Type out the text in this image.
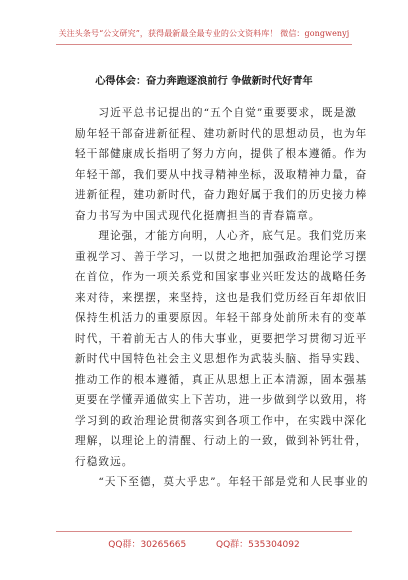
关注头条号“公文研究”，获得最新最全最专业的公文资料库！ 微信：gongwenyj
心得体会：奋力奔跑逐浪前行 争做新时代好青年

　　习近平总书记提出的“五个自觉”重要要求，既是激
励年轻干部奋进新征程、建功新时代的思想动员，也为年
轻干部健康成长指明了努力方向，提供了根本遵循。作为
年轻干部，我们要从中找寻精神坐标，汲取精神力量，奋
进新征程，建功新时代，奋力跑好属于我们的历史接力棒
奋力书写为中国式现代化挺膺担当的青春篇章。

　　理论强，才能方向明，人心齐，底气足。我们党历来
重视学习、善于学习，一以贯之地把加强政治理论学习摆
在首位，作为一项关系党和国家事业兴旺发达的战略任务
来对待，来摆摆，来坚持，这也是我们党历经百年却依旧
保持生机活力的重要原因。年轻干部身处前所未有的变革
时代，干着前无古人的伟大事业，更要把学习贯彻习近平
新时代中国特色社会主义思想作为武装头脑、指导实践、
推动工作的根本遵循，真正从思想上正本清源，固本强基
更要在学懂弄通做实上下苦功，进一步做到学以致用，将
学习到的政治理论贯彻落实到各项工作中，在实践中深化
理解，以理论上的清醒、行动上的一致，做到补钙壮骨，
行稳致远。

　　“天下至德，莫大乎忠”。年轻干部是党和人民事业的

QQ群：30265665	QQ群：535304092
